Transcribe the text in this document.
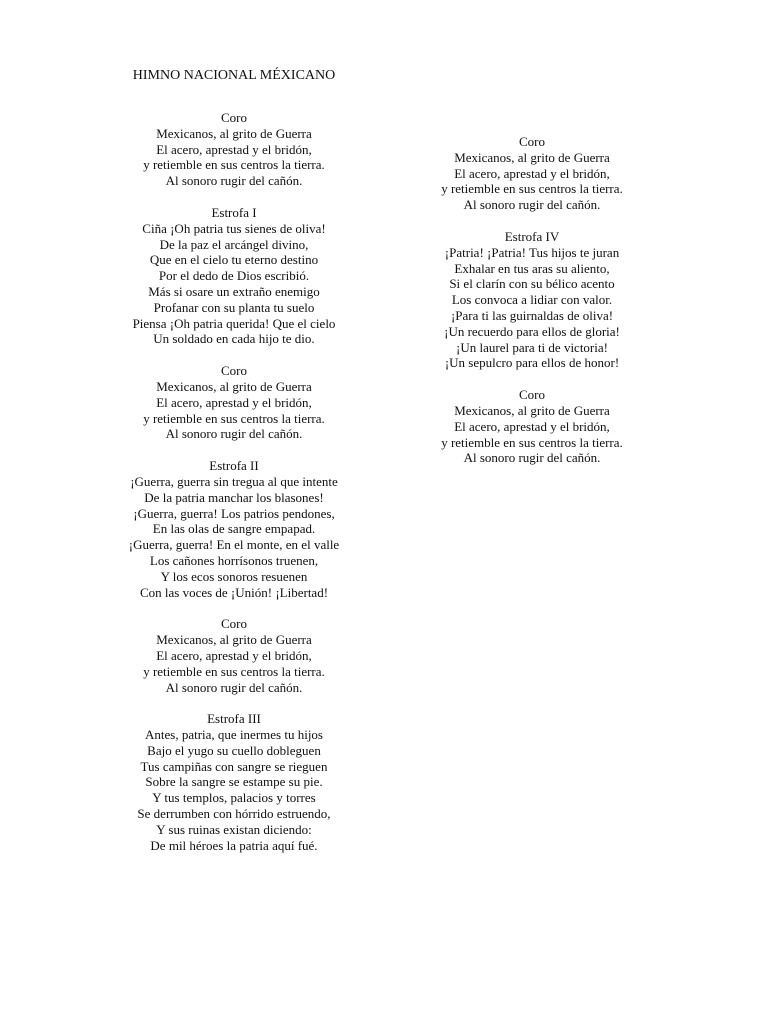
HIMNO NACIONAL MÉXICANO
Coro
Mexicanos, al grito de Guerra
El acero, aprestad y el bridón,
y retiemble en sus centros la tierra.
Al sonoro rugir del cañón.
Estrofa I
Ciña ¡Oh patria tus sienes de oliva!
De la paz el arcángel divino,
Que en el cielo tu eterno destino
Por el dedo de Dios escribió.
Más si osare un extraño enemigo
Profanar con su planta tu suelo
Piensa ¡Oh patria querida! Que el cielo
Un soldado en cada hijo te dio.
Coro
Mexicanos, al grito de Guerra
El acero, aprestad y el bridón,
y retiemble en sus centros la tierra.
Al sonoro rugir del cañón.
Estrofa II
¡Guerra, guerra sin tregua al que intente
De la patria manchar los blasones!
¡Guerra, guerra! Los patrios pendones,
En las olas de sangre empapad.
¡Guerra, guerra! En el monte, en el valle
Los cañones horrísonos truenen,
Y los ecos sonoros resuenen
Con las voces de ¡Unión! ¡Libertad!
Coro
Mexicanos, al grito de Guerra
El acero, aprestad y el bridón,
y retiemble en sus centros la tierra.
Al sonoro rugir del cañón.
Estrofa III
Antes, patria, que inermes tu hijos
Bajo el yugo su cuello dobleguen
Tus campiñas con sangre se rieguen
Sobre la sangre se estampe su pie.
Y tus templos, palacios y torres
Se derrumben con hórrido estruendo,
Y sus ruinas existan diciendo:
De mil héroes la patria aquí fué.
Coro
Mexicanos, al grito de Guerra
El acero, aprestad y el bridón,
y retiemble en sus centros la tierra.
Al sonoro rugir del cañón.
Estrofa IV
¡Patria! ¡Patria! Tus hijos te juran
Exhalar en tus aras su aliento,
Si el clarín con su bélico acento
Los convoca a lidiar con valor.
¡Para ti las guirnaldas de oliva!
¡Un recuerdo para ellos de gloria!
¡Un laurel para ti de victoria!
¡Un sepulcro para ellos de honor!
Coro
Mexicanos, al grito de Guerra
El acero, aprestad y el bridón,
y retiemble en sus centros la tierra.
Al sonoro rugir del cañón.
